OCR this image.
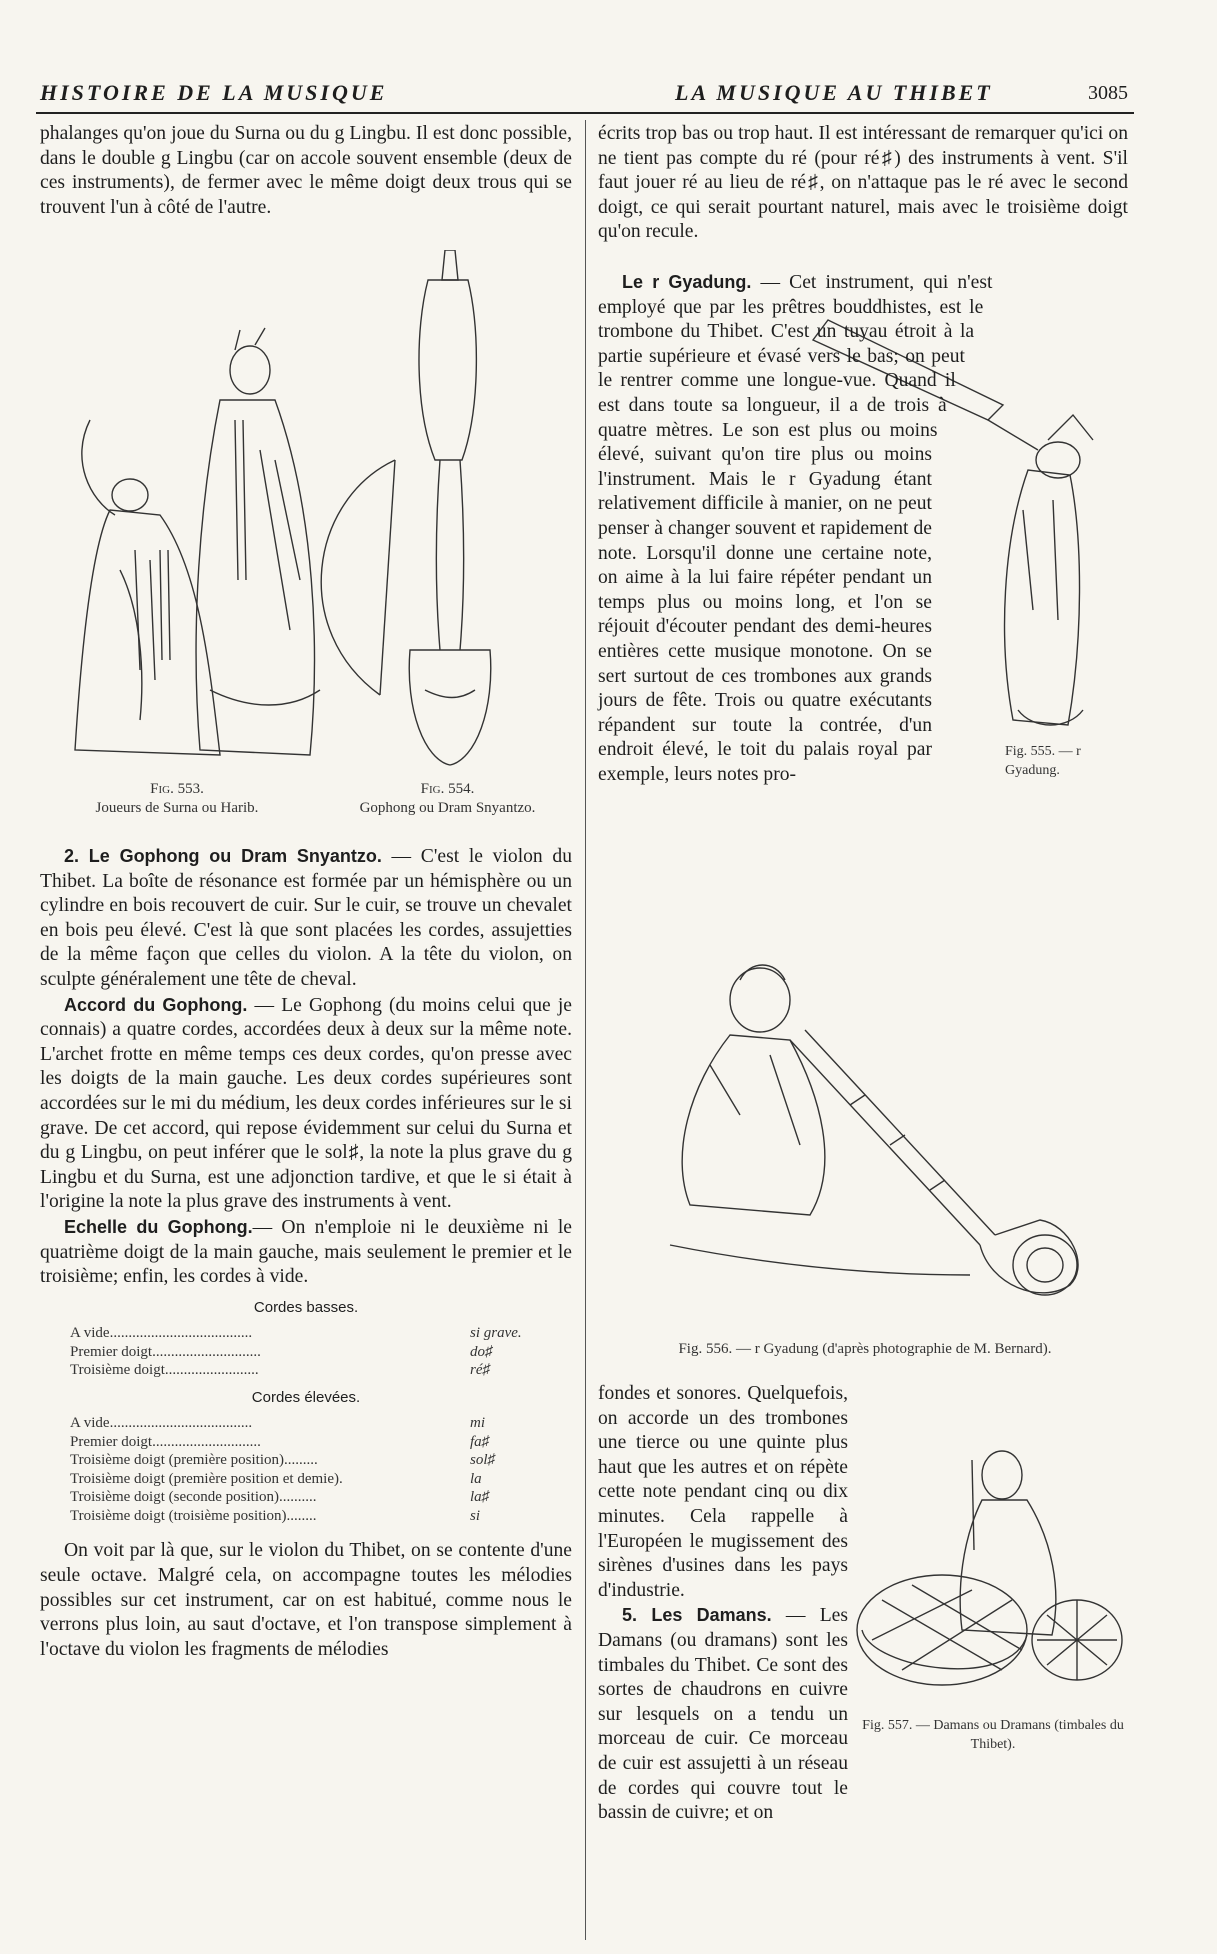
HISTOIRE DE LA MUSIQUE	LA MUSIQUE AU THIBET	3085

phalanges qu'on joue du Surna ou du g Lingbu. Il est donc possible, dans le double g Lingbu (car on accole souvent ensemble (deux de ces instruments), de fermer avec le même doigt deux trous qui se trouvent l'un à côté de l'autre.

Fig. 553.
Joueurs de Surna ou Harib.
Fig. 554.
Gophong ou Dram Snyantzo.

2. Le Gophong ou Dram Snyantzo. — C'est le violon du Thibet. La boîte de résonance est formée par un hémisphère ou un cylindre en bois recouvert de cuir. Sur le cuir, se trouve un chevalet en bois peu élevé. C'est là que sont placées les cordes, assujetties de la même façon que celles du violon. A la tête du violon, on sculpte généralement une tête de cheval.

Accord du Gophong. — Le Gophong (du moins celui que je connais) a quatre cordes, accordées deux à deux sur la même note. L'archet frotte en même temps ces deux cordes, qu'on presse avec les doigts de la main gauche. Les deux cordes supérieures sont accordées sur le mi du médium, les deux cordes inférieures sur le si grave. De cet accord, qui repose évidemment sur celui du Surna et du g Lingbu, on peut inférer que le sol♯, la note la plus grave du g Lingbu et du Surna, est une adjonction tardive, et que le si était à l'origine la note la plus grave des instruments à vent.

Echelle du Gophong.— On n'emploie ni le deuxième ni le quatrième doigt de la main gauche, mais seulement le premier et le troisième; enfin, les cordes à vide.

Cordes basses.
A vide......................................	si grave.
Premier doigt.............................	do♯
Troisième doigt.........................	ré♯
Cordes élevées.
A vide......................................	mi
Premier doigt.............................	fa♯
Troisième doigt (première position).........	sol♯
Troisième doigt (première position et demie).	la
Troisième doigt (seconde position)..........	la♯
Troisième doigt (troisième position)........	si

On voit par là que, sur le violon du Thibet, on se contente d'une seule octave. Malgré cela, on accompagne toutes les mélodies possibles sur cet instrument, car on est habitué, comme nous le verrons plus loin, au saut d'octave, et l'on transpose simplement à l'octave du violon les fragments de mélodies

écrits trop bas ou trop haut. Il est intéressant de remarquer qu'ici on ne tient pas compte du ré (pour ré♯) des instruments à vent. S'il faut jouer ré au lieu de ré♯, on n'attaque pas le ré avec le second doigt, ce qui serait pourtant naturel, mais avec le troisième doigt qu'on recule.

Fig. 555. — r Gyadung.

Le r Gyadung. — Cet instrument, qui n'est employé que par les prêtres bouddhistes, est le trombone du Thibet. C'est un tuyau étroit à la partie supérieure et évasé vers le bas; on peut le rentrer comme une longue-vue. Quand il est dans toute sa longueur, il a de trois à quatre mètres. Le son est plus ou moins élevé, suivant qu'on tire plus ou moins l'instrument. Mais le r Gyadung étant relativement difficile à manier, on ne peut penser à changer souvent et rapidement de note. Lorsqu'il donne une certaine note, on aime à la lui faire répéter pendant un temps plus ou moins long, et l'on se réjouit d'écouter pendant des demi-heures entières cette musique monotone. On se sert surtout de ces trombones aux grands jours de fête. Trois ou quatre exécutants répandent sur toute la contrée, d'un endroit élevé, le toit du palais royal par exemple, leurs notes pro-

Fig. 556. — r Gyadung (d'après photographie de M. Bernard).
Fig. 557. — Damans ou Dramans (timbales du Thibet).

fondes et sonores. Quelquefois, on accorde un des trombones une tierce ou une quinte plus haut que les autres et on répète cette note pendant cinq ou dix minutes. Cela rappelle à l'Européen le mugissement des sirènes d'usines dans les pays d'industrie.

5. Les Damans. — Les Damans (ou dramans) sont les timbales du Thibet. Ce sont des sortes de chaudrons en cuivre sur lesquels on a tendu un morceau de cuir. Ce morceau de cuir est assujetti à un réseau de cordes qui couvre tout le bassin de cuivre; et on
